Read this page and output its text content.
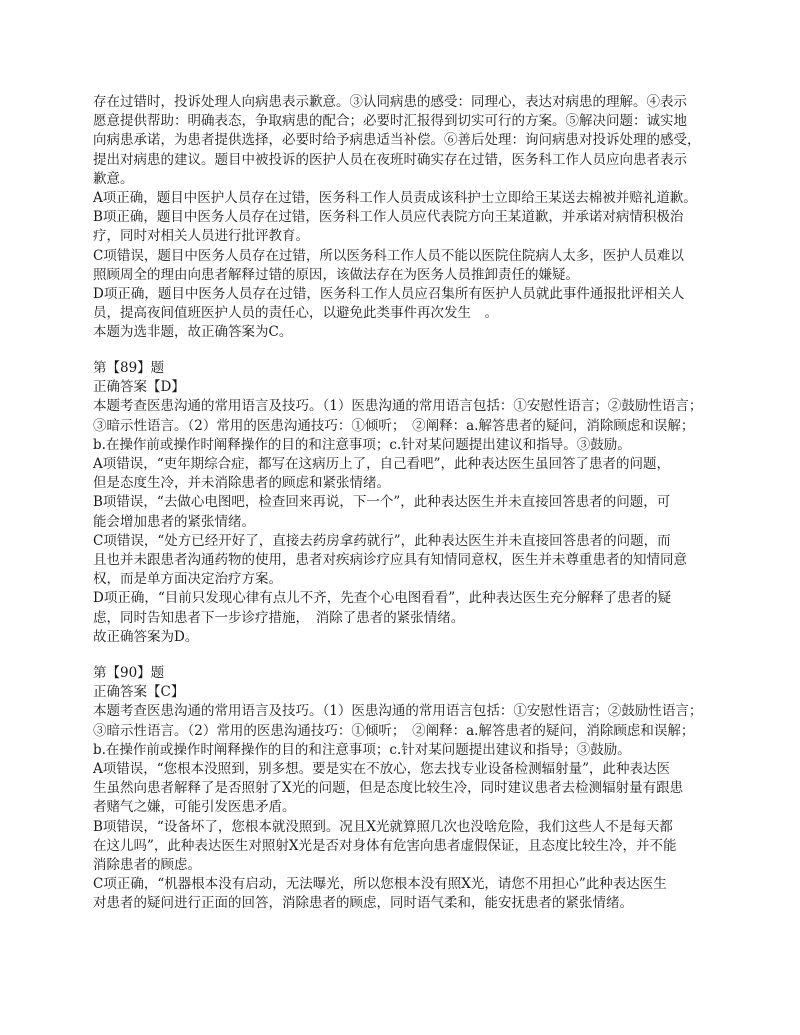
存在过错时，投诉处理人向病患表示歉意。③认同病患的感受：同理心，表达对病患的理解。④表示

愿意提供帮助：明确表态，争取病患的配合；必要时汇报得到切实可行的方案。⑤解决问题：诚实地

向病患承诺，为患者提供选择，必要时给予病患适当补偿。⑥善后处理：询问病患对投诉处理的感受，

提出对病患的建议。题目中被投诉的医护人员在夜班时确实存在过错，医务科工作人员应向患者表示

歉意。

A项正确，题目中医护人员存在过错，医务科工作人员责成该科护士立即给王某送去棉被并赔礼道歉。

B项正确，题目中医务人员存在过错，医务科工作人员应代表院方向王某道歉，并承诺对病情积极治

疗，同时对相关人员进行批评教育。

C项错误，题目中医务人员存在过错，所以医务科工作人员不能以医院住院病人太多，医护人员难以

照顾周全的理由向患者解释过错的原因，该做法存在为医务人员推卸责任的嫌疑。

D项正确，题目中医务人员存在过错，医务科工作人员应召集所有医护人员就此事件通报批评相关人

员，提高夜间值班医护人员的责任心，以避免此类事件再次发生　。

本题为选非题，故正确答案为C。

第【89】题

正确答案【D】

本题考查医患沟通的常用语言及技巧。（1）医患沟通的常用语言包括：①安慰性语言；②鼓励性语言；

③暗示性语言。（2）常用的医患沟通技巧：①倾听；　②阐释：a.解答患者的疑问，消除顾虑和误解；

b.在操作前或操作时阐释操作的目的和注意事项；c.针对某问题提出建议和指导。③鼓励。

A项错误，“吏年期综合症，都写在这病历上了，自己看吧”，此种表达医生虽回答了患者的问题，

但是态度生冷，并未消除患者的顾虑和紧张情绪。

B项错误，“去做心电图吧，检查回来再说，下一个”，此种表达医生并未直接回答患者的问题，可

能会增加患者的紧张情绪。

C项错误，“处方已经开好了，直接去药房拿药就行”，此种表达医生并未直接回答患者的问题，而

且也并未跟患者沟通药物的使用，患者对疾病诊疗应具有知情同意权，医生并未尊重患者的知情同意

权，而是单方面决定治疗方案。

D项正确，“目前只发现心律有点儿不齐，先查个心电图看看”，此种表达医生充分解释了患者的疑

虑，同时告知患者下一步诊疗措施，　消除了患者的紧张情绪。

故正确答案为D。

第【90】题

正确答案【C】

本题考查医患沟通的常用语言及技巧。（1）医患沟通的常用语言包括：①安慰性语言；②鼓励性语言；

③暗示性语言。（2）常用的医患沟通技巧：①倾听；　②阐释：a.解答患者的疑问，消除顾虑和误解；

b.在操作前或操作时阐释操作的目的和注意事项；c.针对某问题提出建议和指导；③鼓励。

A项错误，“您根本没照到，别多想。要是实在不放心，您去找专业设备检测辐射量”，此种表达医

生虽然向患者解释了是否照射了X光的问题，但是态度比较生冷，同时建议患者去检测辐射量有跟患

者赌气之嫌，可能引发医患矛盾。

B项错误，“设备坏了，您根本就没照到。况且X光就算照几次也没啥危险，我们这些人不是每天都

在这儿吗”，此种表达医生对照射X光是否对身体有危害向患者虚假保证，且态度比较生冷，并不能

消除患者的顾虑。

C项正确，“机器根本没有启动，无法曝光，所以您根本没有照X光，请您不用担心”此种表达医生

对患者的疑问进行正面的回答，消除患者的顾虑，同时语气柔和，能安抚患者的紧张情绪。
